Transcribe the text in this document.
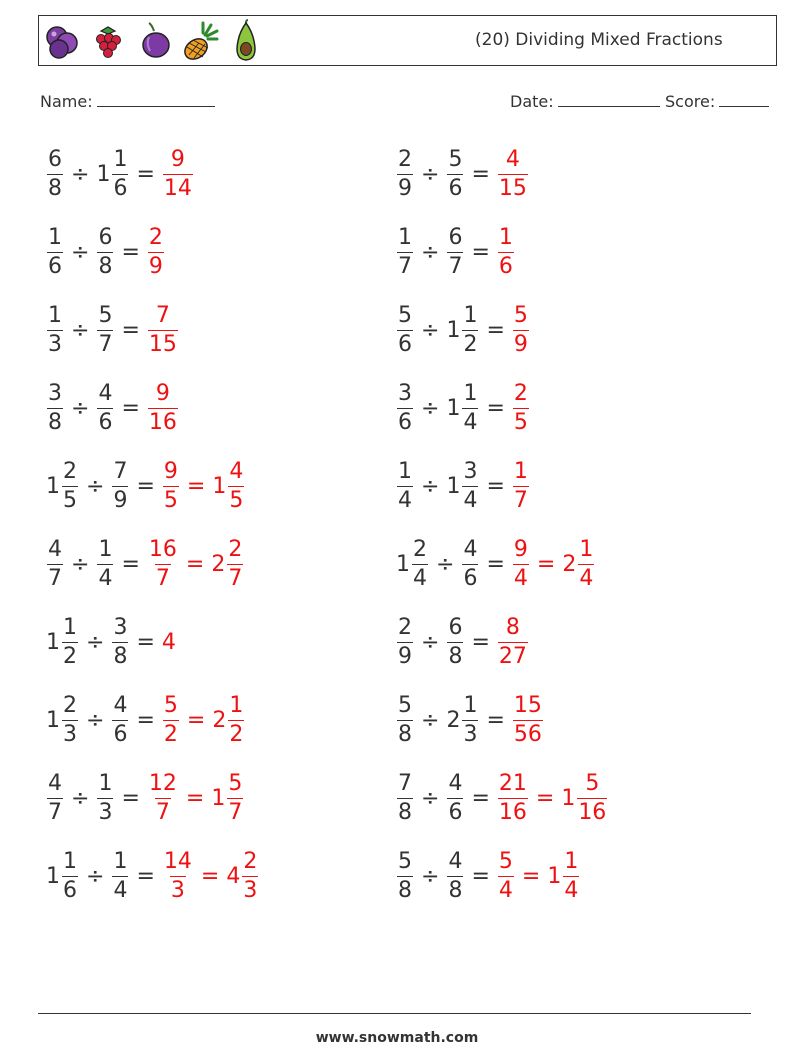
(20) Dividing Mixed Fractions
Name:	Date:	Score:
$\frac{6}{8} \div 1 \frac{1}{6} = \frac{9}{14}$	$\frac{2}{9} \div \frac{5}{6} = \frac{4}{15}$
$\frac{1}{6} \div \frac{6}{8} = \frac{2}{9}$	$\frac{1}{7} \div \frac{6}{7} = \frac{1}{6}$
$\frac{1}{3} \div \frac{5}{7} = \frac{7}{15}$	$\frac{5}{6} \div 1 \frac{1}{2} = \frac{5}{9}$
$\frac{3}{8} \div \frac{4}{6} = \frac{9}{16}$	$\frac{3}{6} \div 1 \frac{1}{4} = \frac{2}{5}$
$1 \frac{2}{5} \div \frac{7}{9} = \frac{9}{5} = 1 \frac{4}{5}$	$\frac{1}{4} \div 1 \frac{3}{4} = \frac{1}{7}$
$\frac{4}{7} \div \frac{1}{4} = \frac{16}{7} = 2 \frac{2}{7}$	$1 \frac{2}{4} \div \frac{4}{6} = \frac{9}{4} = 2 \frac{1}{4}$
$1 \frac{1}{2} \div \frac{3}{8} = 4$	$\frac{2}{9} \div \frac{6}{8} = \frac{8}{27}$
$1 \frac{2}{3} \div \frac{4}{6} = \frac{5}{2} = 2 \frac{1}{2}$	$\frac{5}{8} \div 2 \frac{1}{3} = \frac{15}{56}$
$\frac{4}{7} \div \frac{1}{3} = \frac{12}{7} = 1 \frac{5}{7}$	$\frac{7}{8} \div \frac{4}{6} = \frac{21}{16} = 1 \frac{5}{16}$
$1 \frac{1}{6} \div \frac{1}{4} = \frac{14}{3} = 4 \frac{2}{3}$	$\frac{5}{8} \div \frac{4}{8} = \frac{5}{4} = 1 \frac{1}{4}$
www.snowmath.com
